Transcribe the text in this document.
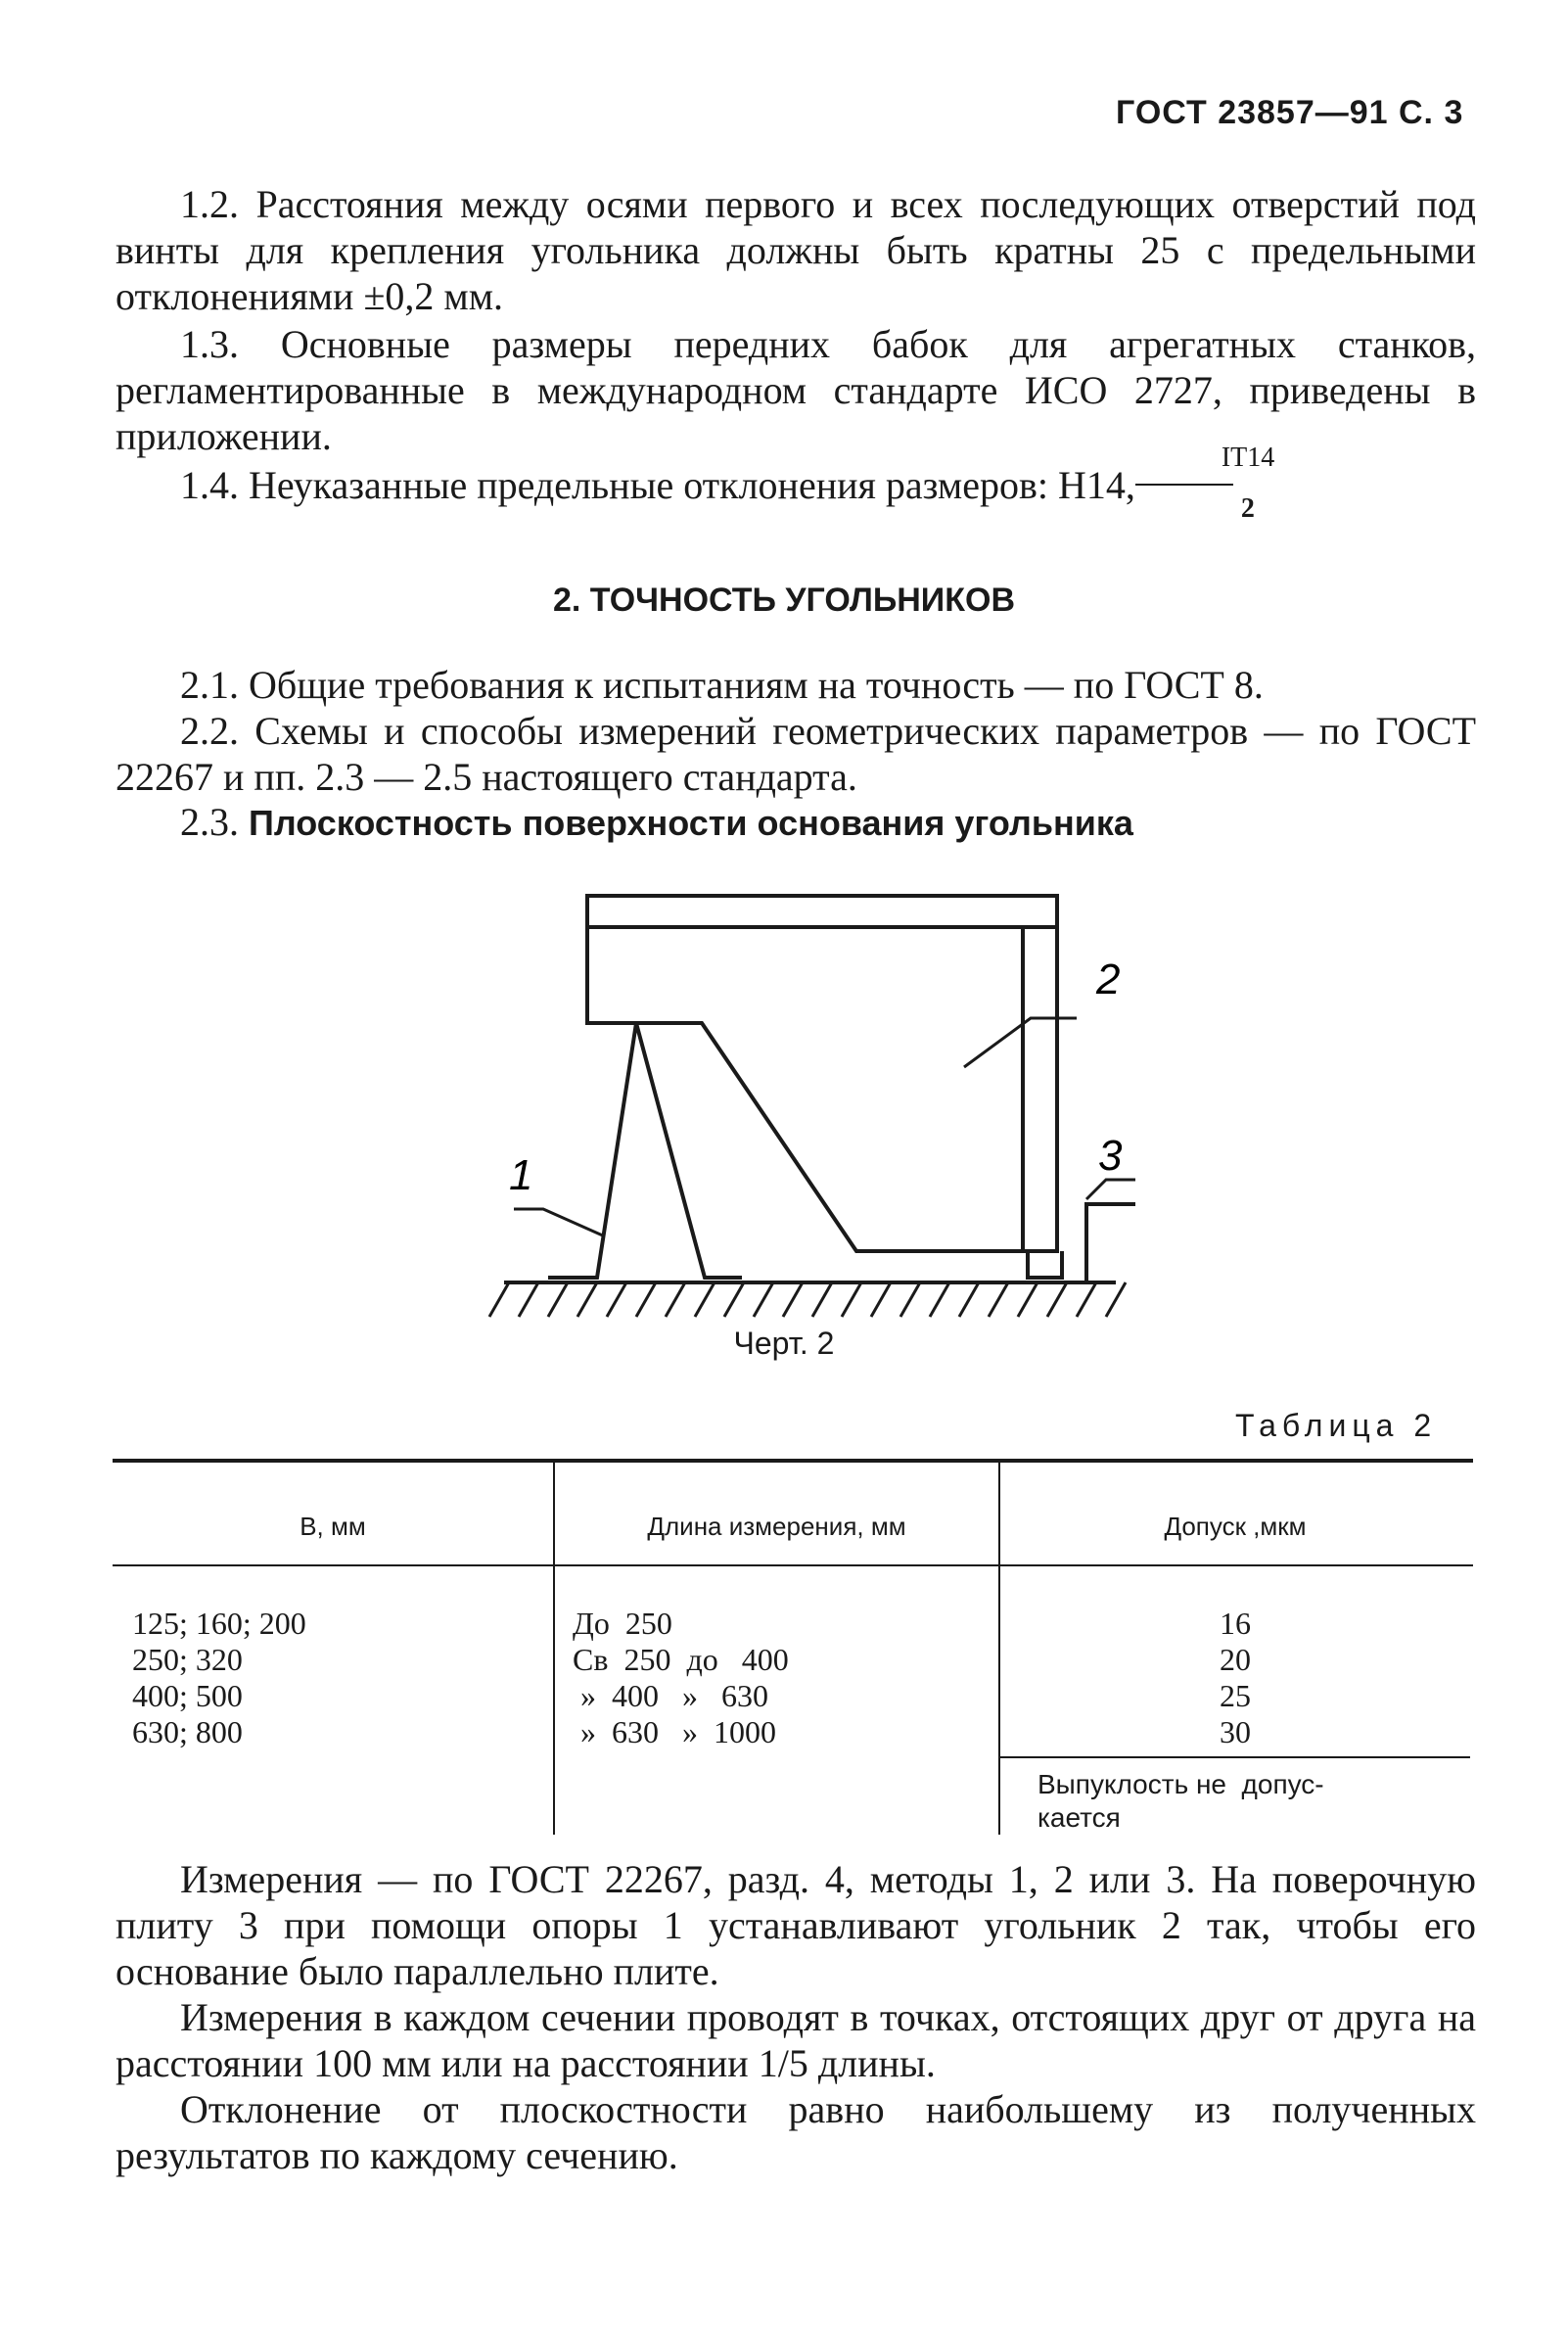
ГОСТ 23857—91 С. 3
1.2. Расстояния между осями первого и всех последующих отверстий под винты для крепления угольника должны быть кратны 25 с предельными отклонениями ±0,2 мм.
1.3. Основные размеры передних бабок для агрегатных станков, регламентированные в международном стандарте ИСО 2727, приведены в приложении.
1.4. Неуказанные предельные отклонения размеров: Н14, $\frac{IT14}{2}$
2. ТОЧНОСТЬ УГОЛЬНИКОВ
2.1. Общие требования к испытаниям на точность — по ГОСТ 8.
2.2. Схемы и способы измерений геометрических параметров — по ГОСТ 22267 и пп. 2.3 — 2.5 настоящего стандарта.
2.3. Плоскостность поверхности основания угольника
1
2
3
Черт. 2
Таблица 2
B, мм	Длина измерения, мм	Допуск ,мкм
125; 160; 200
250; 320
400; 500
630; 800
До  250
Св  250  до   400
»  400   »   630
»  630   »  1000
16
20
25
30
Выпуклость не  допус-
кается
Измерения — по ГОСТ 22267, разд. 4, методы 1, 2 или 3. На поверочную плиту 3 при помощи опоры 1 устанавливают угольник 2 так, чтобы его основание было параллельно плите.
Измерения в каждом сечении проводят в точках, отстоящих друг от друга на расстоянии 100 мм или на расстоянии 1/5 длины.
Отклонение от плоскостности равно наибольшему из полученных результатов по каждому сечению.
